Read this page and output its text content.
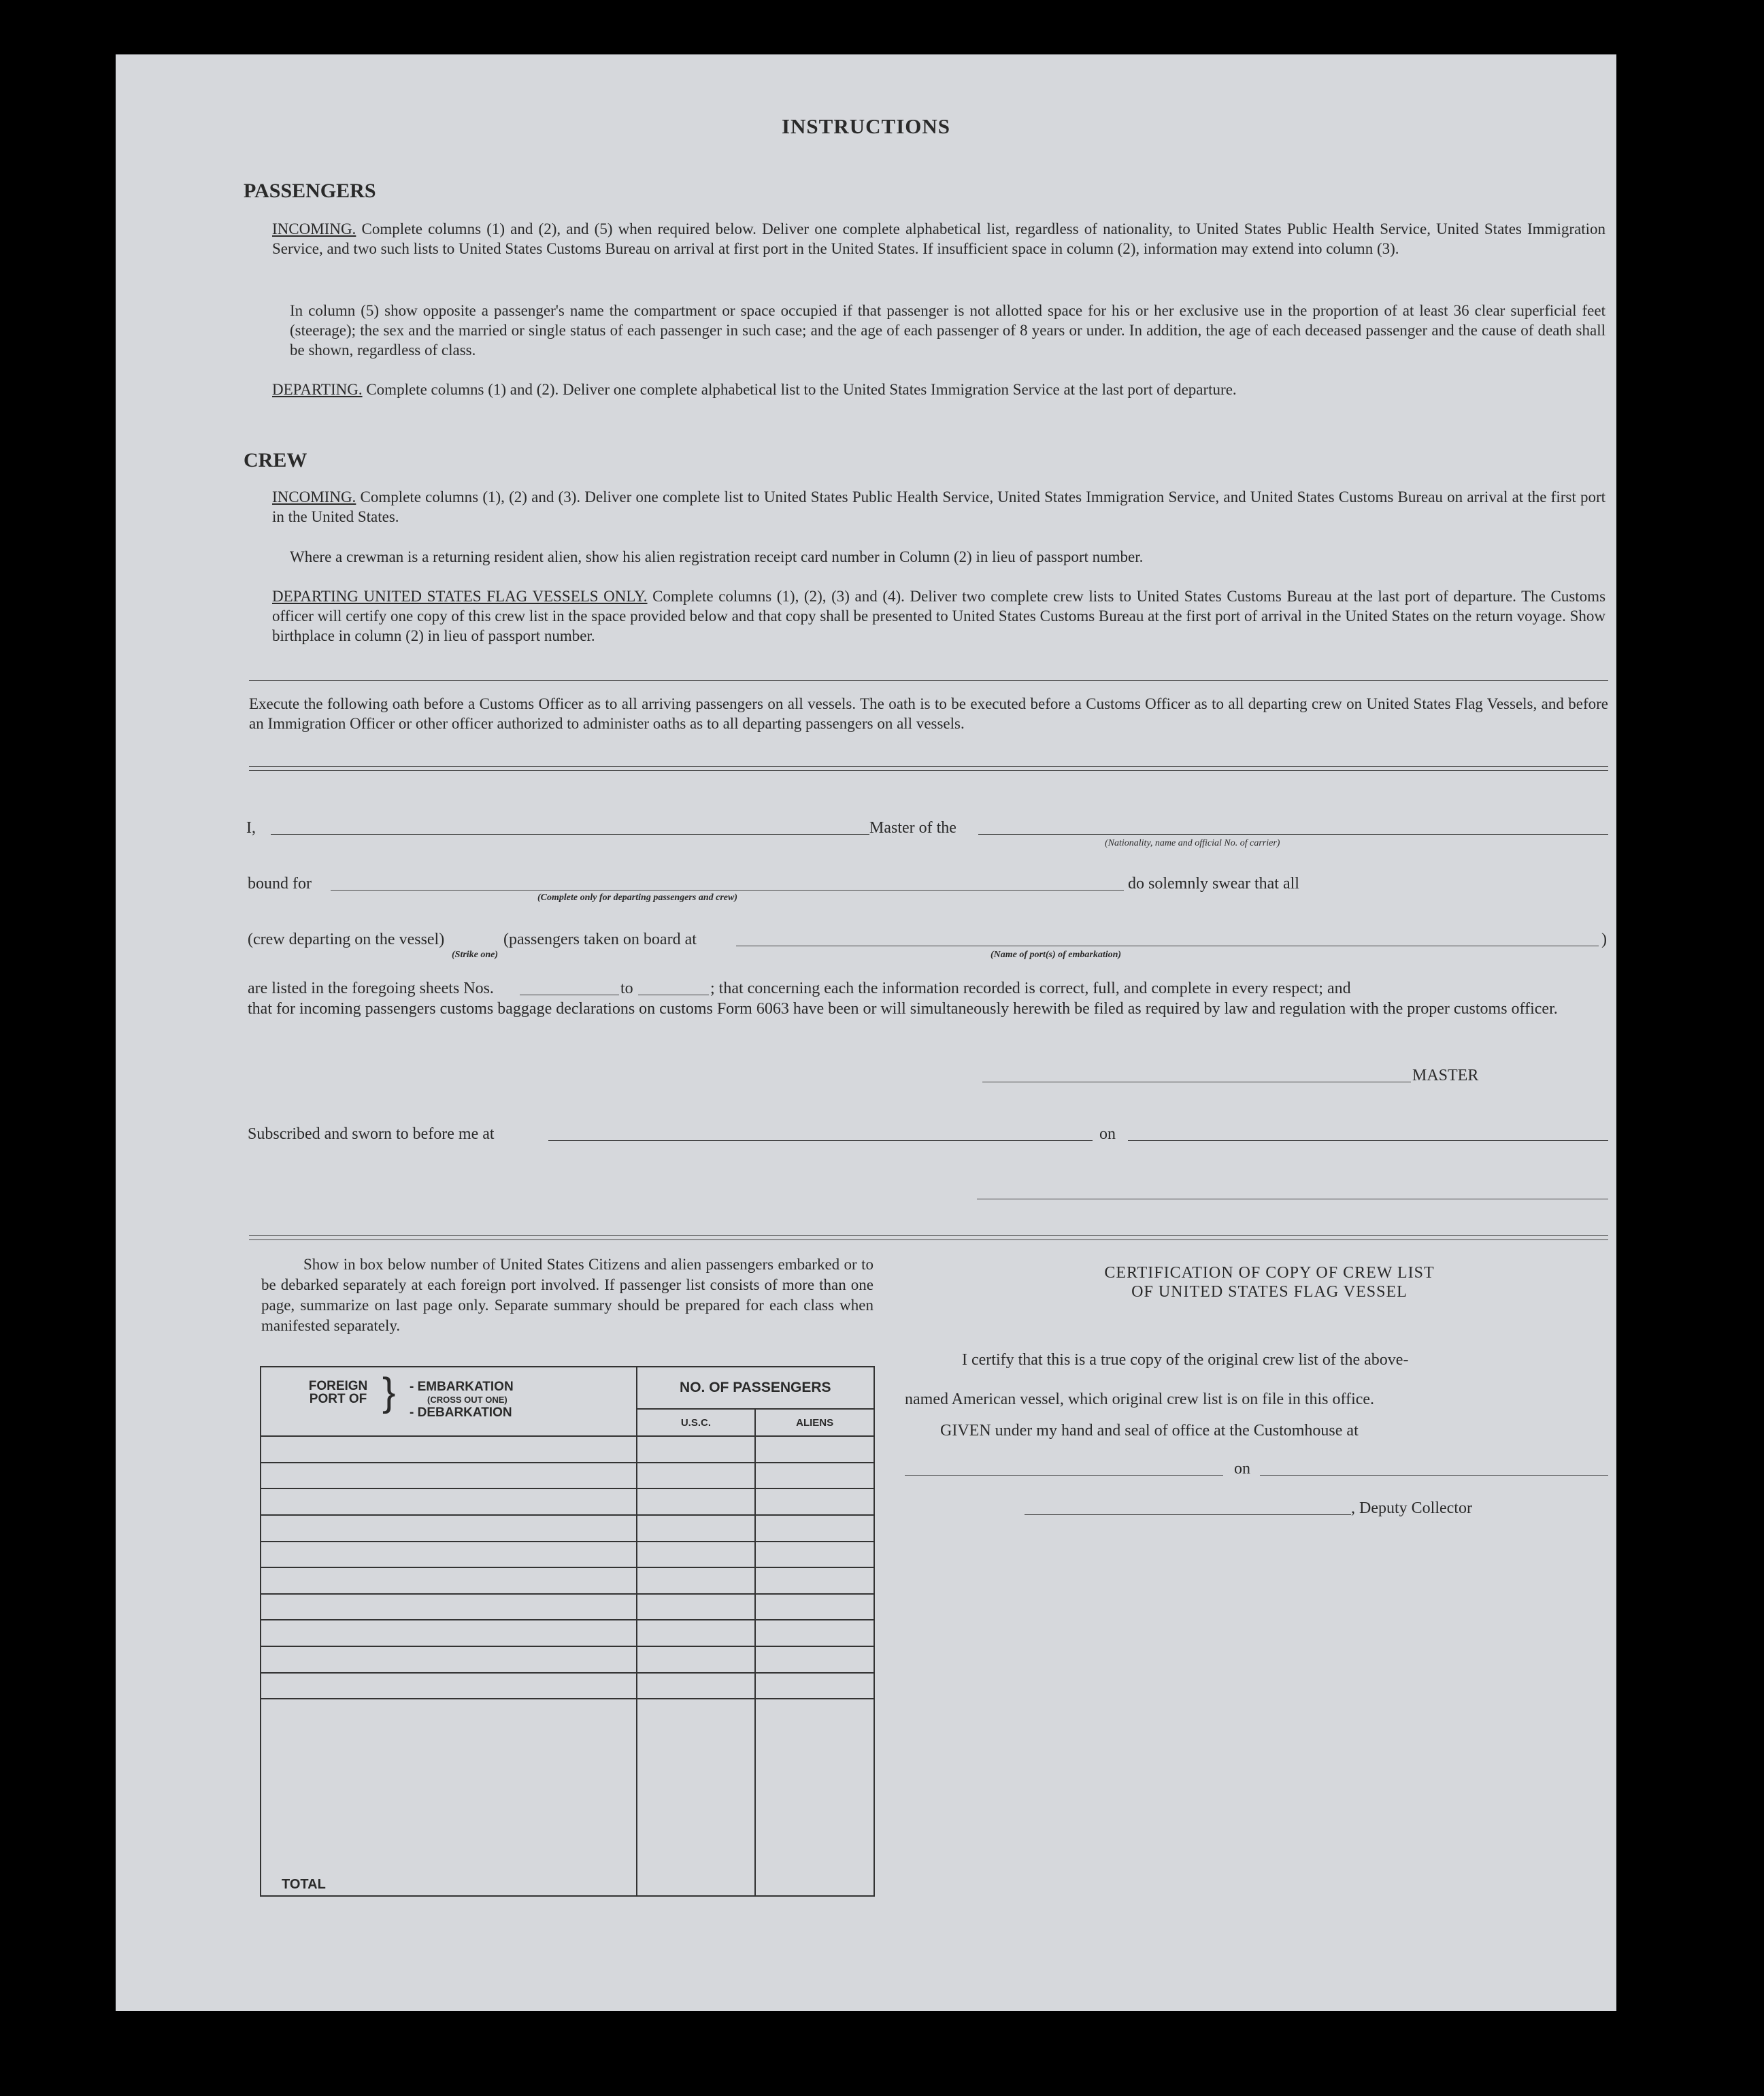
INSTRUCTIONS
PASSENGERS
INCOMING. Complete columns (1) and (2), and (5) when required below. Deliver one complete alphabetical list, regardless of nationality, to United States Public Health Service, United States Immigration Service, and two such lists to United States Customs Bureau on arrival at first port in the United States. If insufficient space in column (2), information may extend into column (3).
In column (5) show opposite a passenger's name the compartment or space occupied if that passenger is not allotted space for his or her exclusive use in the proportion of at least 36 clear superficial feet (steerage); the sex and the married or single status of each passenger in such case; and the age of each passenger of 8 years or under. In addition, the age of each deceased passenger and the cause of death shall be shown, regardless of class.
DEPARTING. Complete columns (1) and (2). Deliver one complete alphabetical list to the United States Immigration Service at the last port of departure.
CREW
INCOMING. Complete columns (1), (2) and (3). Deliver one complete list to United States Public Health Service, United States Immigration Service, and United States Customs Bureau on arrival at the first port in the United States.
Where a crewman is a returning resident alien, show his alien registration receipt card number in Column (2) in lieu of passport number.
DEPARTING UNITED STATES FLAG VESSELS ONLY. Complete columns (1), (2), (3) and (4). Deliver two complete crew lists to United States Customs Bureau at the last port of departure. The Customs officer will certify one copy of this crew list in the space provided below and that copy shall be presented to United States Customs Bureau at the first port of arrival in the United States on the return voyage. Show birthplace in column (2) in lieu of passport number.
Execute the following oath before a Customs Officer as to all arriving passengers on all vessels. The oath is to be executed before a Customs Officer as to all departing crew on United States Flag Vessels, and before an Immigration Officer or other officer authorized to administer oaths as to all departing passengers on all vessels.
I,	Master of the
(Nationality, name and official No. of carrier)
bound for
(Complete only for departing passengers and crew)
do solemnly swear that all
(crew departing on the vessel)
(Strike one)
(passengers taken on board at	)
(Name of port(s) of embarkation)
are listed in the foregoing sheets Nos.	to	; that concerning each the information recorded is correct, full, and complete in every respect; and
that for incoming passengers customs baggage declarations on customs Form 6063 have been or will simultaneously herewith be filed as required by law and regulation with the proper customs officer.
MASTER
Subscribed and sworn to before me at	on
Show in box below number of United States Citizens and alien passengers embarked or to be debarked separately at each foreign port involved. If passenger list consists of more than one page, summarize on last page only. Separate summary should be prepared for each class when manifested separately.
FOREIGN PORT OF } - EMBARKATION
(CROSS OUT ONE)
- DEBARKATION	NO. OF PASSENGERS	
	U.S.C.	ALIENS

TOTAL		
CERTIFICATION OF COPY OF CREW LIST
OF UNITED STATES FLAG VESSEL
I certify that this is a true copy of the original crew list of the above-
named American vessel, which original crew list is on file in this office.
GIVEN under my hand and seal of office at the Customhouse at
on
, Deputy Collector
